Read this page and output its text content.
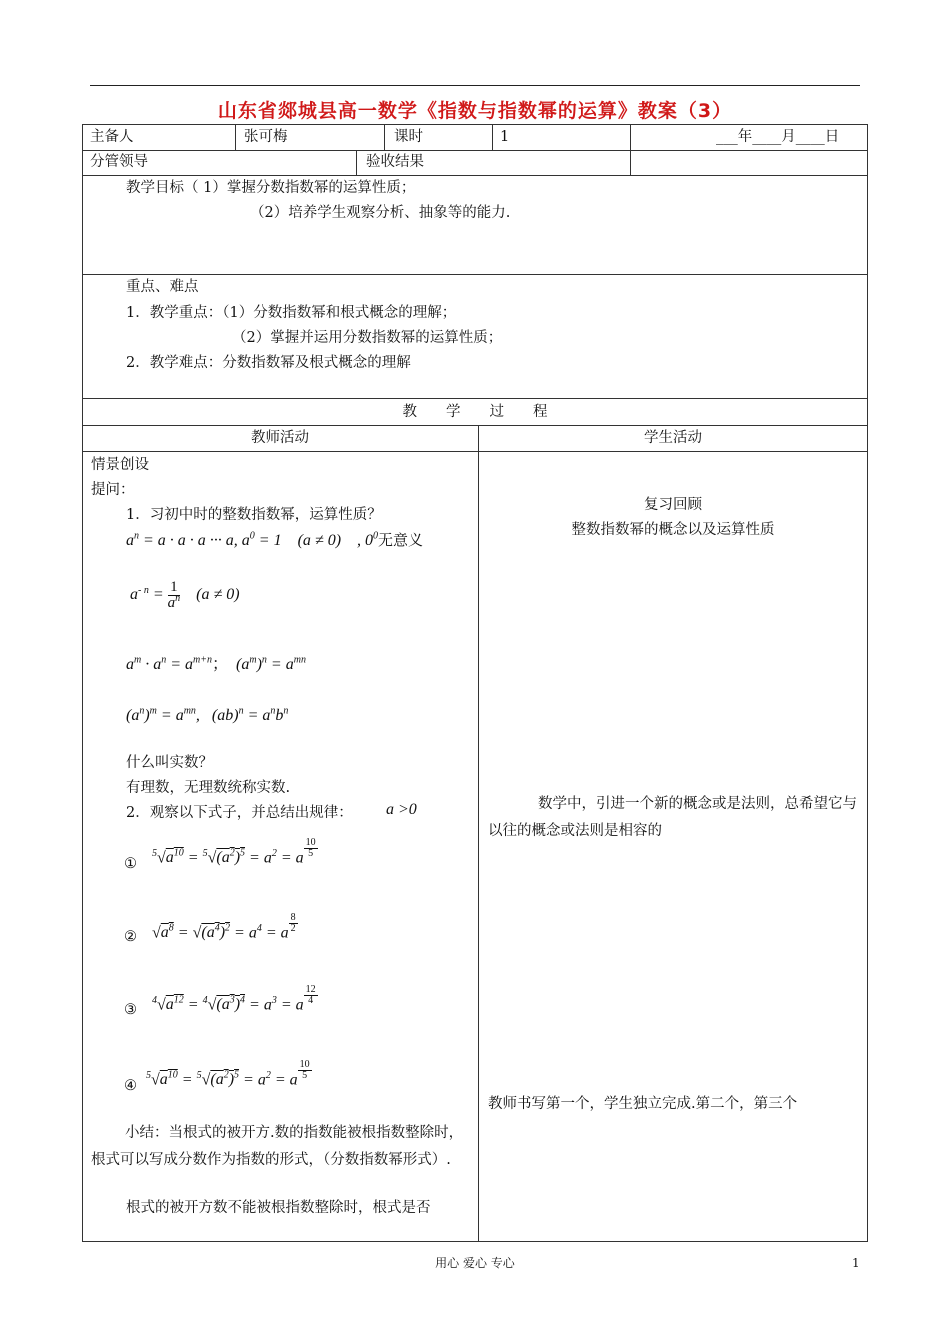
山东省郯城县高一数学《指数与指数幂的运算》教案（3）
主备人	张可梅	课时	1	___年____月____日
分管领导	验收结果
教学目标（ 1）掌握分数指数幂的运算性质；
（2）培养学生观察分析、抽象等的能力.
重点、难点
1．教学重点：（1）分数指数幂和根式概念的理解；
（2）掌握并运用分数指数幂的运算性质；
2．教学难点：分数指数幂及根式概念的理解
教　　学　　过　　程
教师活动	学生活动
情景创设
提问：
1．习初中时的整数指数幂，运算性质？
$a^n = a \cdot a \cdot a$ ··· a, $a^0 = 1$    (a ≠ 0)    , $0^0$无意义
$a^{- n} = \frac{1}{a^n} (a \ne 0)$
$a^m \cdot a^n = a^{m+n}$；  $(a^m)^n = a^{mn}$
$(a^n)^m = a^{mn}$,   $(ab)^n = a^nb^n$
什么叫实数？
有理数，无理数统称实数.
2．观察以下式子，并总结出规律： a >0
①
$^5√a^{10} = ^5√(a^2)^5 = a^2 = a \frac{10}{5}$
② $√a^8 = √(a^4)^2 = a^4 = a \frac{8}{2}$
③
$^4√a^{12} = ^4√(a^3)^4 = a^3 = a \frac{12}{4}$
④
$^5√a^{10} = ^5√(a^2)^5 = a^2 = a \frac{10}{5}$
小结：当根式的被开方.数的指数能被根指数整除时，根式可以写成分数作为指数的形式，（分数指数幂形式）.
根式的被开方数不能被根指数整除时，根式是否
复习回顾
整数指数幂的概念以及运算性质
数学中，引进一个新的概念或是法则，总希望它与以往的概念或法则是相容的
教师书写第一个，学生独立完成.第二个，第三个
用心 爱心 专心	1
